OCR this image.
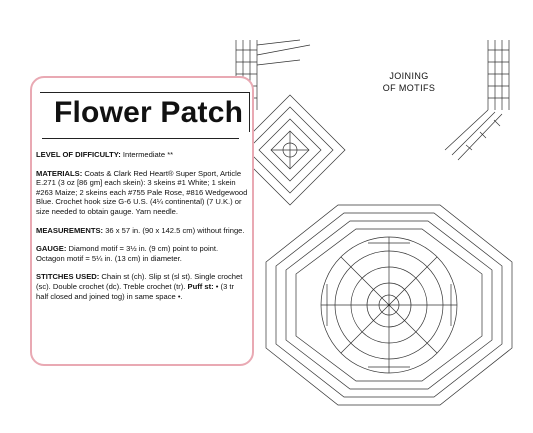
JOINING
OF MOTIFS
Flower Patch

LEVEL OF DIFFICULTY: Intermediate **

MATERIALS: Coats & Clark Red Heart® Super Sport, Article E.271 (3 oz [86 gm] each skein): 3 skeins #1 White; 1 skein #263 Maize; 2 skeins each #755 Pale Rose, #816 Wedgewood Blue. Crochet hook size G-6 U.S. (4¼ continental) (7 U.K.) or size needed to obtain gauge. Yarn needle.

MEASUREMENTS: 36 x 57 in. (90 x 142.5 cm) without fringe.

GAUGE: Diamond motif = 3½ in. (9 cm) point to point. Octagon motif = 5¼ in. (13 cm) in diameter.

STITCHES USED: Chain st (ch). Slip st (sl st). Single crochet (sc). Double crochet (dc). Treble crochet (tr). Puff st: • (3 tr half closed and joined tog) in same space •.
